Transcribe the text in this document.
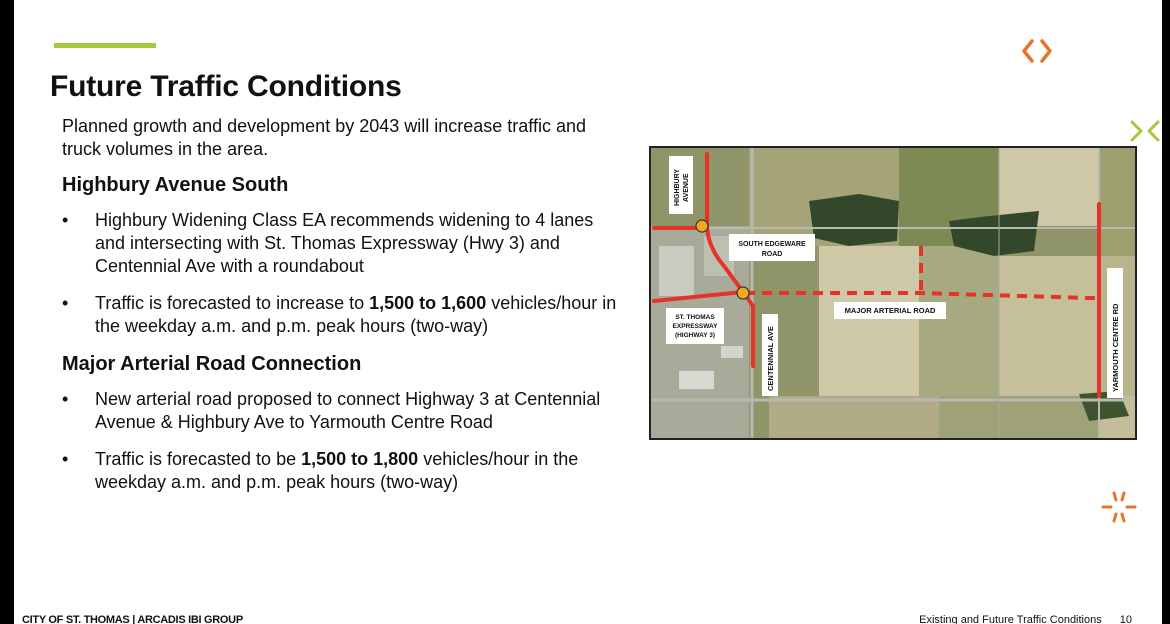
Future Traffic Conditions

Planned growth and development by 2043 will increase traffic and truck volumes in the area.

Highbury Avenue South
• Highbury Widening Class EA recommends widening to 4 lanes and intersecting with St. Thomas Expressway (Hwy 3) and Centennial Ave with a roundabout
• Traffic is forecasted to increase to 1,500 to 1,600 vehicles/hour in the weekday a.m. and p.m. peak hours (two-way)
Major Arterial Road Connection
• New arterial road proposed to connect Highway 3 at Centennial Avenue & Highbury Ave to Yarmouth Centre Road
• Traffic is forecasted to be 1,500 to 1,800 vehicles/hour in the weekday a.m. and p.m. peak hours (two-way)
HIGHBURY AVENUE
SOUTH EDGEWARE
ROAD
MAJOR ARTERIAL ROAD
ST. THOMAS
EXPRESSWAY
(HIGHWAY 3)	CENTENNIAL AVE	YARMOUTH CENTRE RD
CITY OF ST. THOMAS | ARCADIS IBI GROUP	Existing and Future Traffic Conditions 10
